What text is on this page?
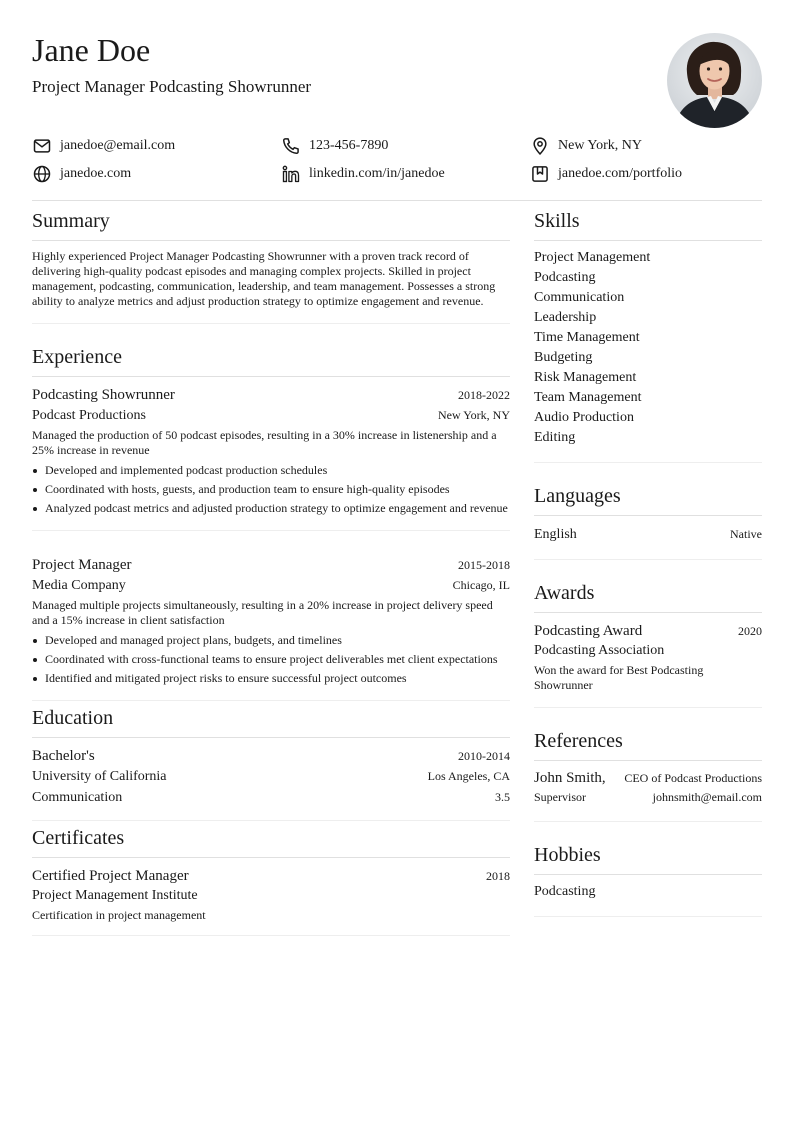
Jane Doe
Project Manager Podcasting Showrunner
janedoe@email.com	123-456-7890	New York, NY
janedoe.com	linkedin.com/in/janedoe	janedoe.com/portfolio
Summary

Highly experienced Project Manager Podcasting Showrunner with a proven track record of delivering high-quality podcast episodes and managing complex projects. Skilled in project management, podcasting, communication, leadership, and team management. Possesses a strong ability to analyze metrics and adjust production strategy to optimize engagement and revenue.

Experience
Podcasting Showrunner	2018-2022
Podcast Productions	New York, NY

Managed the production of 50 podcast episodes, resulting in a 30% increase in listenership and a 25% increase in revenue

Developed and implemented podcast production schedules
Coordinated with hosts, guests, and production team to ensure high-quality episodes
Analyzed podcast metrics and adjusted production strategy to optimize engagement and revenue
Project Manager	2015-2018
Media Company	Chicago, IL

Managed multiple projects simultaneously, resulting in a 20% increase in project delivery speed and a 15% increase in client satisfaction

Developed and managed project plans, budgets, and timelines
Coordinated with cross-functional teams to ensure project deliverables met client expectations
Identified and mitigated project risks to ensure successful project outcomes
Education
Bachelor's	2010-2014
University of California	Los Angeles, CA
Communication	3.5
Certificates
Certified Project Manager	2018
Project Management Institute

Certification in project management

Skills
Project Management
Podcasting
Communication
Leadership
Time Management
Budgeting
Risk Management
Team Management
Audio Production
Editing
Languages
English	Native
Awards
Podcasting Award	2020
Podcasting Association

Won the award for Best Podcasting Showrunner

References
John Smith, CEO of Podcast Productions
Supervisor	johnsmith@email.com
Hobbies
Podcasting
